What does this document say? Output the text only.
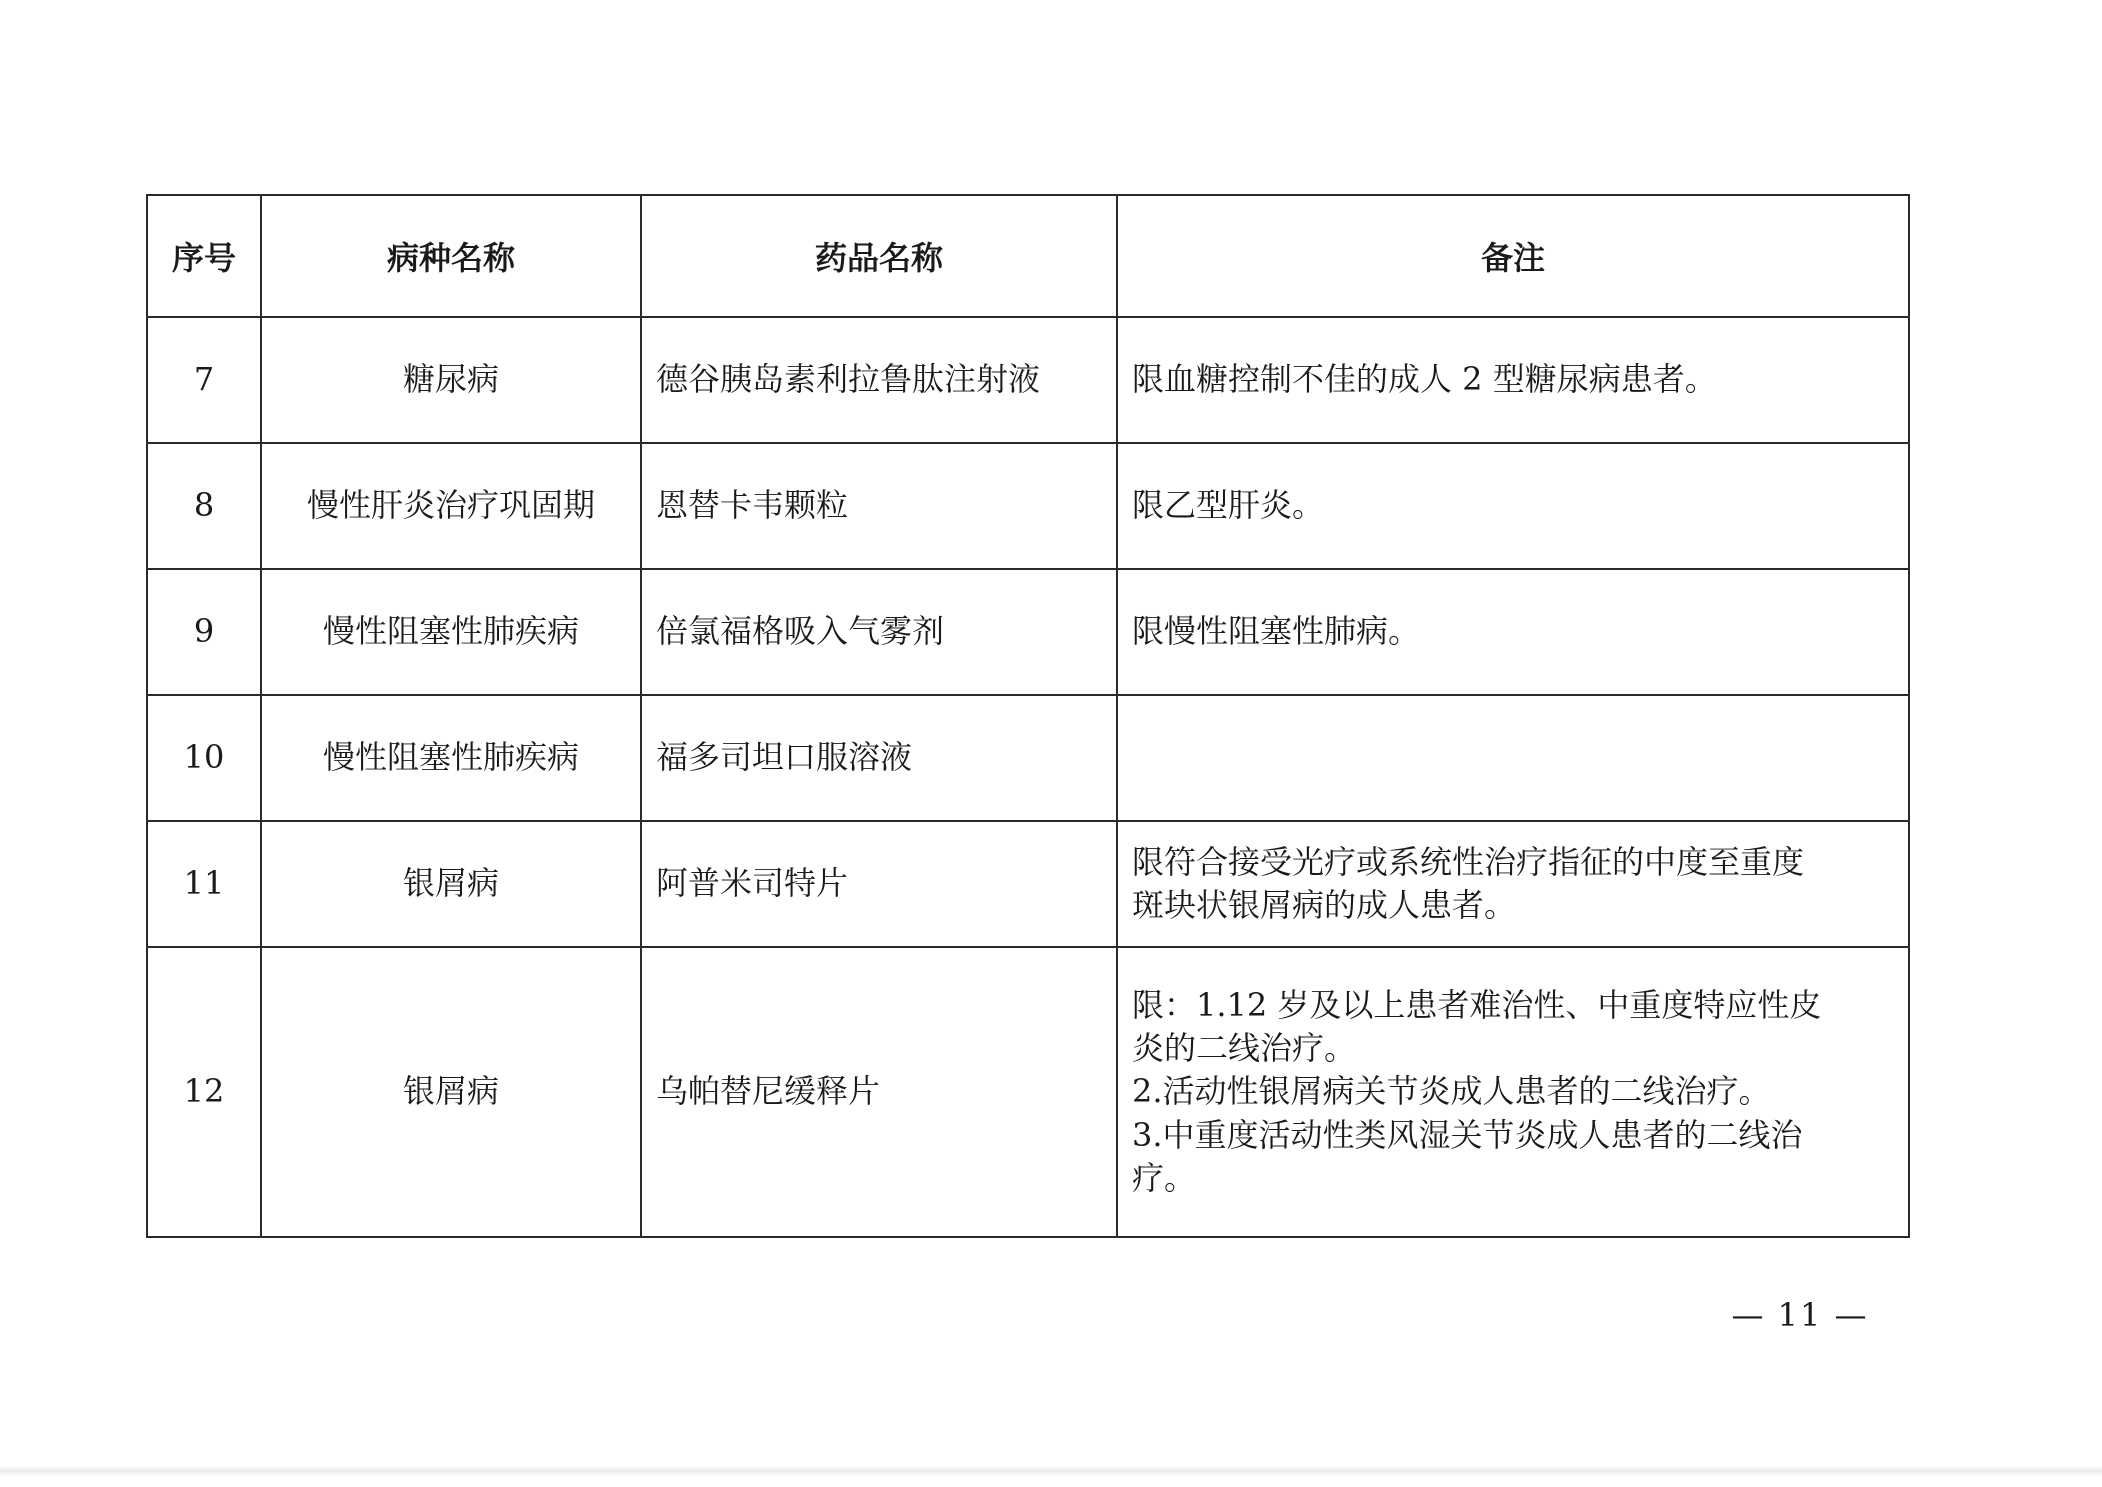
序号	病种名称	药品名称	备注
7	糖尿病	德谷胰岛素利拉鲁肽注射液	限血糖控制不佳的成人 2 型糖尿病患者。

8	慢性肝炎治疗巩固期	恩替卡韦颗粒	限乙型肝炎。

9	慢性阻塞性肺疾病	倍氯福格吸入气雾剂	限慢性阻塞性肺病。

10	慢性阻塞性肺疾病	福多司坦口服溶液	
11	银屑病	阿普米司特片	限符合接受光疗或系统性治疗指征的中度至重度
斑块状银屑病的成人患者。

12	银屑病	乌帕替尼缓释片	限：1.12 岁及以上患者难治性、中重度特应性皮
炎的二线治疗。
2.活动性银屑病关节炎成人患者的二线治疗。
3.中重度活动性类风湿关节炎成人患者的二线治
疗。
— 11 —
